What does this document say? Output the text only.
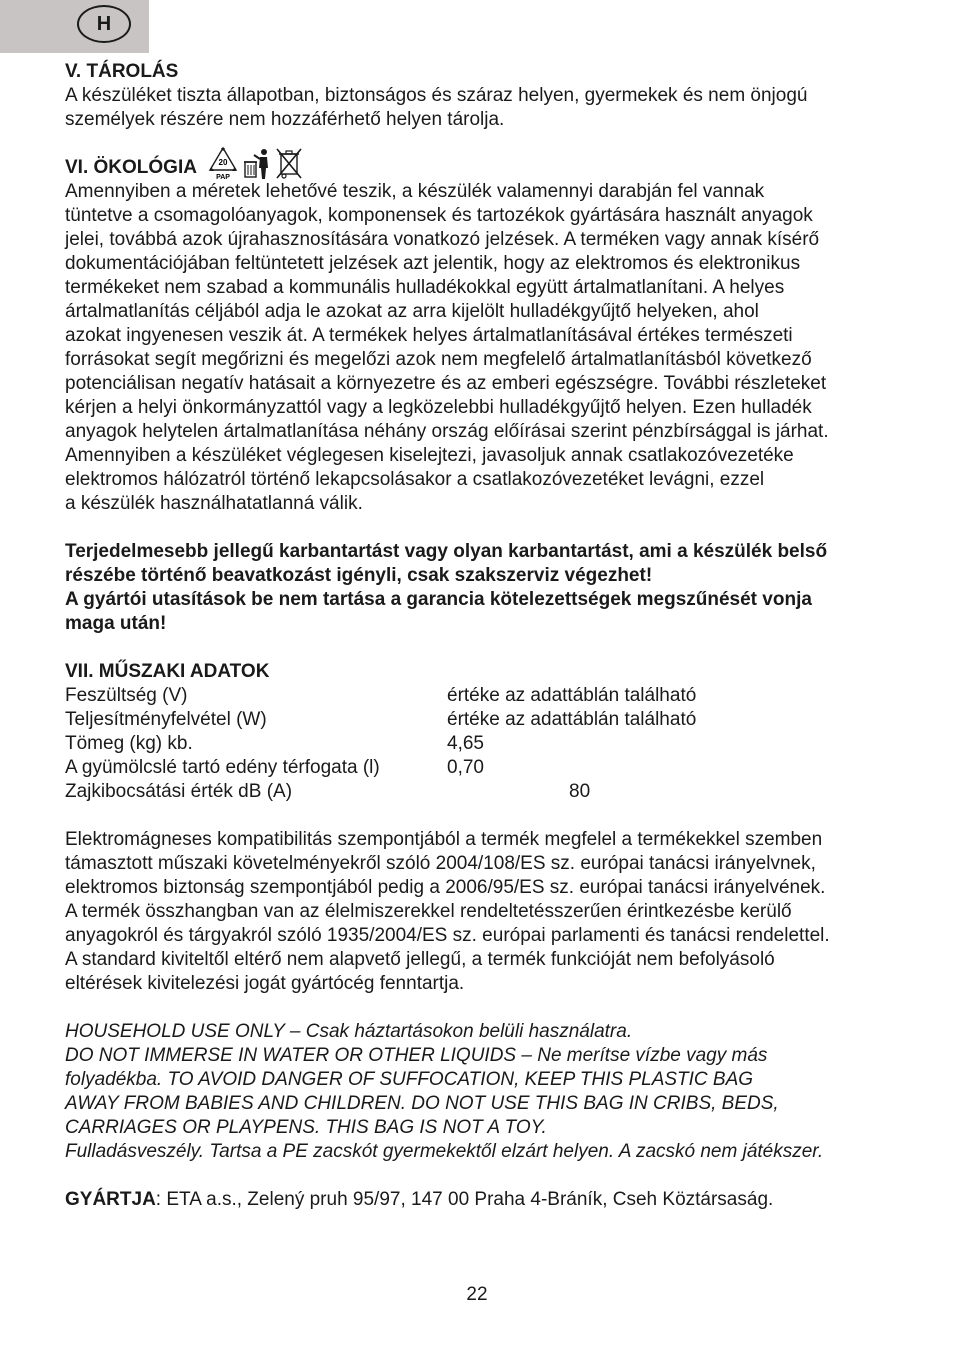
H

V. TÁROLÁS

A készüléket tiszta állapotban, biztonságos és száraz helyen, gyermekek és nem önjogú

személyek részére nem hozzáférhető helyen tárolja.

VI. ÖKOLÓGIA	20
PAP

Amennyiben a méretek lehetővé teszik, a készülék valamennyi darabján fel vannak

tüntetve a csomagolóanyagok, komponensek és tartozékok gyártására használt anyagok

jelei, továbbá azok újrahasznosítására vonatkozó jelzések. A terméken vagy annak kísérő

dokumentációjában feltüntetett jelzések azt jelentik, hogy az elektromos és elektronikus

termékeket nem szabad a kommunális hulladékokkal együtt ártalmatlanítani. A helyes

ártalmatlanítás céljából adja le azokat az arra kijelölt hulladékgyűjtő helyeken, ahol

azokat ingyenesen veszik át. A termékek helyes ártalmatlanításával értékes természeti

forrásokat segít megőrizni és megelőzi azok nem megfelelő ártalmatlanításból következő

potenciálisan negatív hatásait a környezetre és az emberi egészségre. További részleteket

kérjen a helyi önkormányzattól vagy a legközelebbi hulladékgyűjtő helyen. Ezen hulladék

anyagok helytelen ártalmatlanítása néhány ország előírásai szerint pénzbírsággal is járhat.

Amennyiben a készüléket véglegesen kiselejtezi, javasoljuk annak csatlakozóvezetéke

elektromos hálózatról történő lekapcsolásakor a csatlakozóvezetéket levágni, ezzel

a készülék használhatatlanná válik.

Terjedelmesebb jellegű karbantartást vagy olyan karbantartást, ami a készülék belső

részébe történő beavatkozást igényli, csak szakszerviz végezhet!

A gyártói utasítások be nem tartása a garancia kötelezettségek megszűnését vonja

maga után!

VII. MŰSZAKI ADATOK

Feszültség (V)	értéke az adattáblán található
Teljesítményfelvétel (W)	értéke az adattáblán található
Tömeg (kg) kb.	4,65
A gyümölcslé tartó edény térfogata (l)	0,70
Zajkibocsátási érték dB (A)	80

Elektromágneses kompatibilitás szempontjából a termék megfelel a termékekkel szemben

támasztott műszaki követelményekről szóló 2004/108/ES sz. európai tanácsi irányelvnek,

elektromos biztonság szempontjából pedig a 2006/95/ES sz. európai tanácsi irányelvének.

A termék összhangban van az élelmiszerekkel rendeltetésszerűen érintkezésbe kerülő

anyagokról és tárgyakról szóló 1935/2004/ES sz. európai parlamenti és tanácsi rendelettel.

A standard kiviteltől eltérő nem alapvető jellegű, a termék funkcióját nem befolyásoló

eltérések kivitelezési jogát gyártócég fenntartja.

HOUSEHOLD USE ONLY – Csak háztartásokon belüli használatra.

DO NOT IMMERSE IN WATER OR OTHER LIQUIDS – Ne merítse vízbe vagy más

folyadékba. TO AVOID DANGER OF SUFFOCATION, KEEP THIS PLASTIC BAG

AWAY FROM BABIES AND CHILDREN. DO NOT USE THIS BAG IN CRIBS, BEDS,

CARRIAGES OR PLAYPENS. THIS BAG IS NOT A TOY.

Fulladásveszély. Tartsa a PE zacskót gyermekektől elzárt helyen. A zacskó nem játékszer.

GYÁRTJA: ETA a.s., Zelený pruh 95/97, 147 00 Praha 4-Bráník, Cseh Köztársaság.

22
